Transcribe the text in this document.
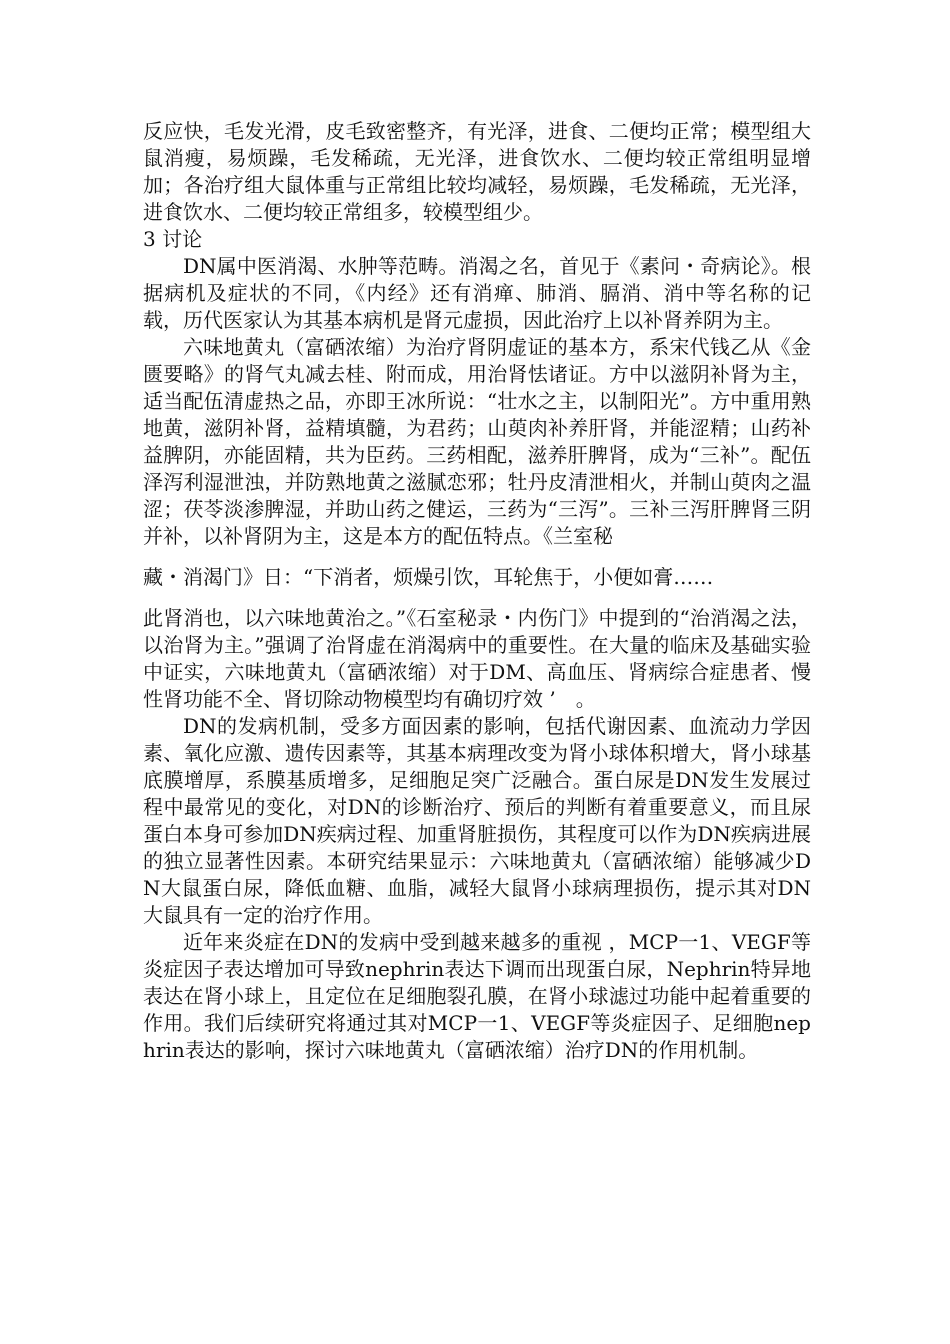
反应快，毛发光滑，皮毛致密整齐，有光泽，进食、二便均正常；模型组大鼠消瘦，易烦躁，毛发稀疏，无光泽，进食饮水、二便均较正常组明显增加；各治疗组大鼠体重与正常组比较均减轻，易烦躁，毛发稀疏，无光泽，进食饮水、二便均较正常组多，较模型组少。

3 讨论

DN属中医消渴、水肿等范畴。消渴之名，首见于《素问・奇病论》。根据病机及症状的不同，《内经》还有消瘅、肺消、膈消、消中等名称的记载，历代医家认为其基本病机是肾元虚损，因此治疗上以补肾养阴为主。

六味地黄丸（富硒浓缩）为治疗肾阴虚证的基本方，系宋代钱乙从《金匮要略》的肾气丸减去桂、附而成，用治肾怯诸证。方中以滋阴补肾为主，适当配伍清虚热之品，亦即王冰所说：“壮水之主，以制阳光”。方中重用熟地黄，滋阴补肾，益精填髓，为君药；山萸肉补养肝肾，并能涩精；山药补益脾阴，亦能固精，共为臣药。三药相配，滋养肝脾肾，成为“三补”。配伍泽泻利湿泄浊，并防熟地黄之滋腻恋邪；牡丹皮清泄相火，并制山萸肉之温涩；茯苓淡渗脾湿，并助山药之健运，三药为“三泻”。三补三泻肝脾肾三阴并补，以补肾阴为主，这是本方的配伍特点。《兰室秘

藏・消渴门》日：“下消者，烦燥引饮，耳轮焦于，小便如膏……

此肾消也，以六味地黄治之。”《石室秘录・内伤门》中提到的“治消渴之法，以治肾为主。”强调了治肾虚在消渴病中的重要性。在大量的临床及基础实验中证实，六味地黄丸（富硒浓缩）对于DM、高血压、肾病综合症患者、慢性肾功能不全、肾切除动物模型均有确切疗效 ’　。

DN的发病机制，受多方面因素的影响，包括代谢因素、血流动力学因素、氧化应激、遗传因素等，其基本病理改变为肾小球体积增大，肾小球基底膜增厚，系膜基质增多，足细胞足突广泛融合。蛋白尿是DN发生发展过程中最常见的变化，对DN的诊断治疗、预后的判断有着重要意义，而且尿蛋白本身可参加DN疾病过程、加重肾脏损伤，其程度可以作为DN疾病进展的独立显著性因素。本研究结果显示：六味地黄丸（富硒浓缩）能够减少DN大鼠蛋白尿，降低血糖、血脂，减轻大鼠肾小球病理损伤，提示其对DN大鼠具有一定的治疗作用。

近年来炎症在DN的发病中受到越来越多的重视 ，MCP一1、VEGF等炎症因子表达增加可导致nephrin表达下调而出现蛋白尿，Nephrin特异地表达在肾小球上，且定位在足细胞裂孔膜，在肾小球滤过功能中起着重要的作用。我们后续研究将通过其对MCP一1、VEGF等炎症因子、足细胞nephrin表达的影响，探讨六味地黄丸（富硒浓缩）治疗DN的作用机制。
